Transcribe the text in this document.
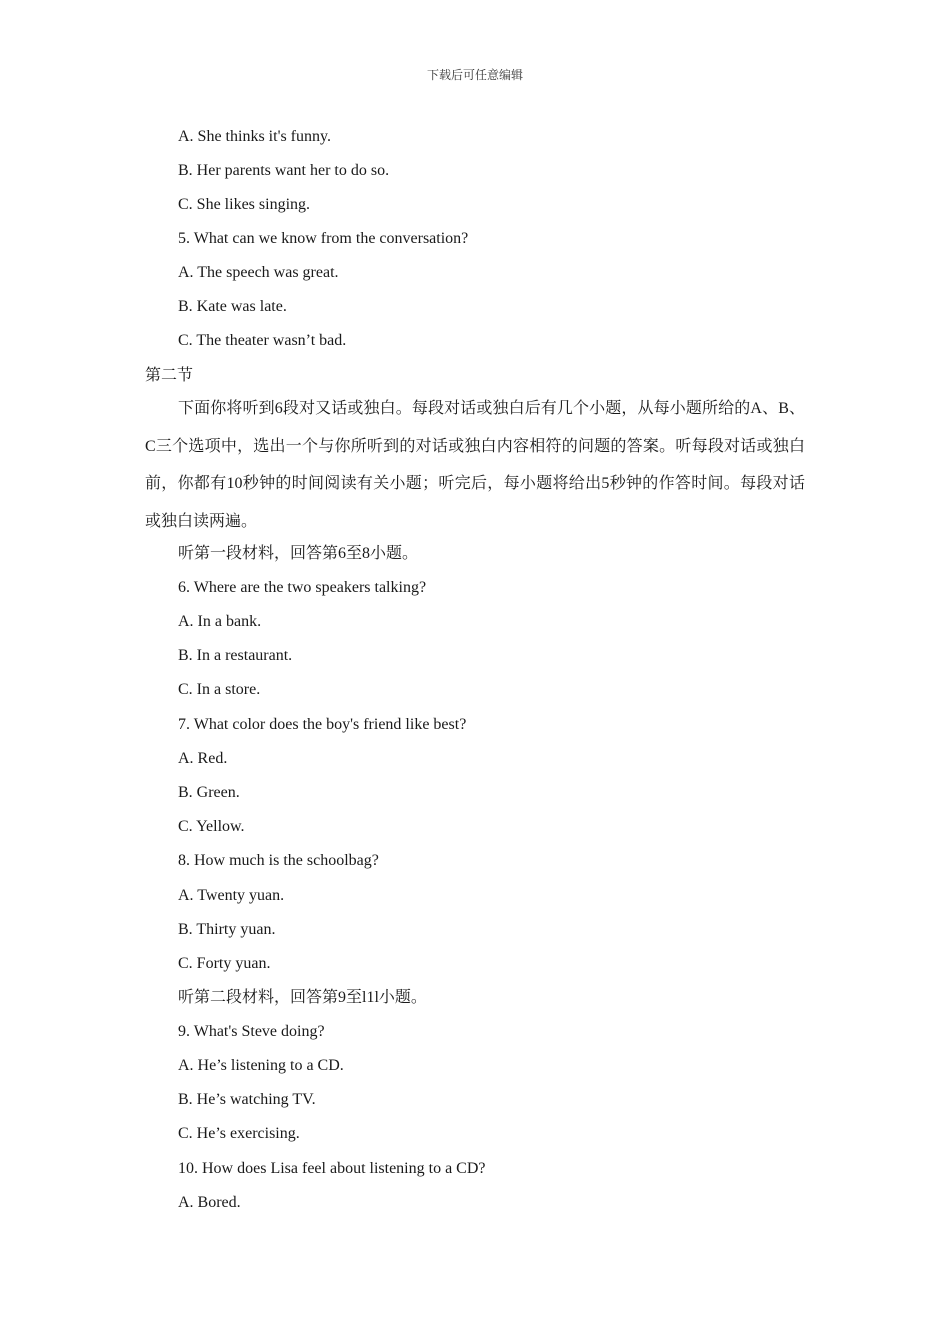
下载后可任意编辑
A. She thinks it's funny.
B. Her parents want her to do so.
C. She likes singing.
5. What can we know from the conversation?
A. The speech was great.
B. Kate was late.
C. The theater wasn’t bad.
第二节
下面你将听到6段对又话或独白。每段对话或独白后有几个小题，从每小题所给的A、B、C三个选项中，选出一个与你所听到的对话或独白内容相符的问题的答案。听每段对话或独白前，你都有10秒钟的时间阅读有关小题；听完后，每小题将给出5秒钟的作答时间。每段对话或独白读两遍。
听第一段材料，回答第6至8小题。
6. Where are the two speakers talking?
A. In a bank.
B. In a restaurant.
C. In a store.
7. What color does the boy's friend like best?
A. Red.
B. Green.
C. Yellow.
8. How much is the schoolbag?
A. Twenty yuan.
B. Thirty yuan.
C. Forty yuan.
听第二段材料，回答第9至l1l小题。
9. What's Steve doing?
A. He’s listening to a CD.
B. He’s watching TV.
C. He’s exercising.
10. How does Lisa feel about listening to a CD?
A. Bored.
